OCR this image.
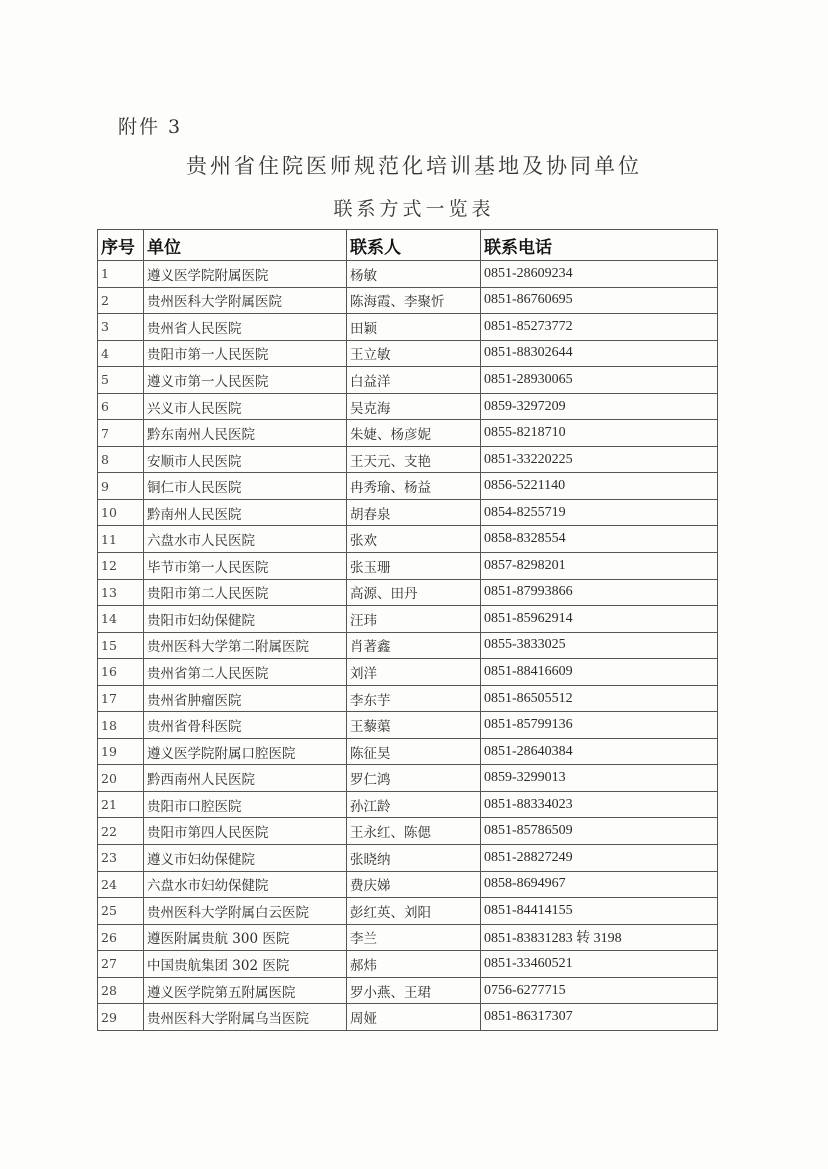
附件 3
贵州省住院医师规范化培训基地及协同单位
联系方式一览表
序号	单位	联系人	联系电话
1	遵义医学院附属医院	杨敏	0851-28609234
2	贵州医科大学附属医院	陈海霞、李聚忻	0851-86760695
3	贵州省人民医院	田颖	0851-85273772
4	贵阳市第一人民医院	王立敏	0851-88302644
5	遵义市第一人民医院	白益洋	0851-28930065
6	兴义市人民医院	吴克海	0859-3297209
7	黔东南州人民医院	朱婕、杨彦妮	0855-8218710
8	安顺市人民医院	王天元、支艳	0851-33220225
9	铜仁市人民医院	冉秀瑜、杨益	0856-5221140
10	黔南州人民医院	胡春泉	0854-8255719
11	六盘水市人民医院	张欢	0858-8328554
12	毕节市第一人民医院	张玉珊	0857-8298201
13	贵阳市第二人民医院	高源、田丹	0851-87993866
14	贵阳市妇幼保健院	汪玮	0851-85962914
15	贵州医科大学第二附属医院	肖著鑫	0855-3833025
16	贵州省第二人民医院	刘洋	0851-88416609
17	贵州省肿瘤医院	李东芋	0851-86505512
18	贵州省骨科医院	王藜蕖	0851-85799136
19	遵义医学院附属口腔医院	陈征昊	0851-28640384
20	黔西南州人民医院	罗仁鸿	0859-3299013
21	贵阳市口腔医院	孙江龄	0851-88334023
22	贵阳市第四人民医院	王永红、陈偲	0851-85786509
23	遵义市妇幼保健院	张晓纳	0851-28827249
24	六盘水市妇幼保健院	费庆娣	0858-8694967
25	贵州医科大学附属白云医院	彭红英、刘阳	0851-84414155
26	遵医附属贵航 300 医院	李兰	0851-83831283 转 3198
27	中国贵航集团 302 医院	郝炜	0851-33460521
28	遵义医学院第五附属医院	罗小燕、王珺	0756-6277715
29	贵州医科大学附属乌当医院	周娅	0851-86317307
